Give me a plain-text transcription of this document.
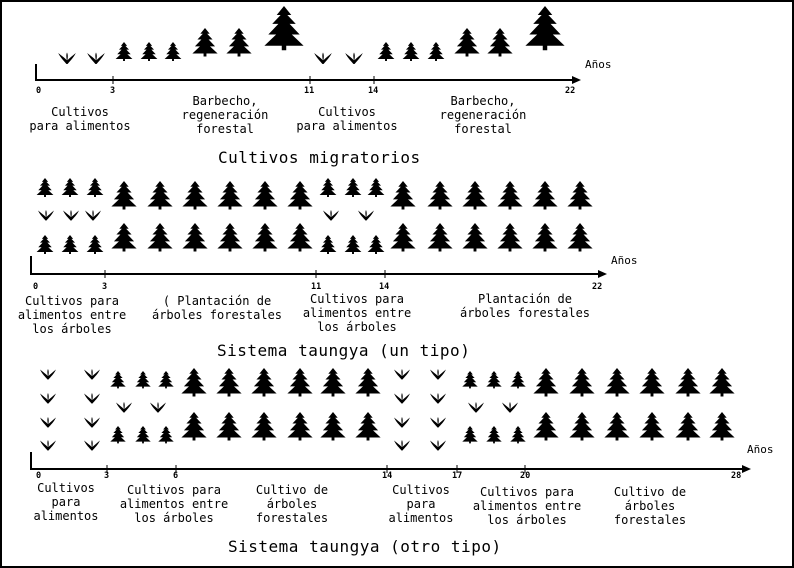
Años
0	3	11	14	22
Cultivos
para alimentos
Barbecho,
regeneración
forestal
Cultivos
para alimentos
Barbecho,
regeneración
forestal
Cultivos migratorios
Años
0	3	11	14	22
Cultivos para
alimentos entre
los árboles
( Plantación de
árboles forestales
Cultivos para
alimentos entre
los árboles
Plantación de
árboles forestales
Sistema taungya (un tipo)
Años
0	3	6	14	17	20	28
Cultivos
para
alimentos
Cultivos para
alimentos entre
los árboles
Cultivo de
árboles
forestales
Cultivos
para
alimentos
Cultivos para
alimentos entre
los árboles
Cultivo de
árboles
forestales
Sistema taungya (otro tipo)
